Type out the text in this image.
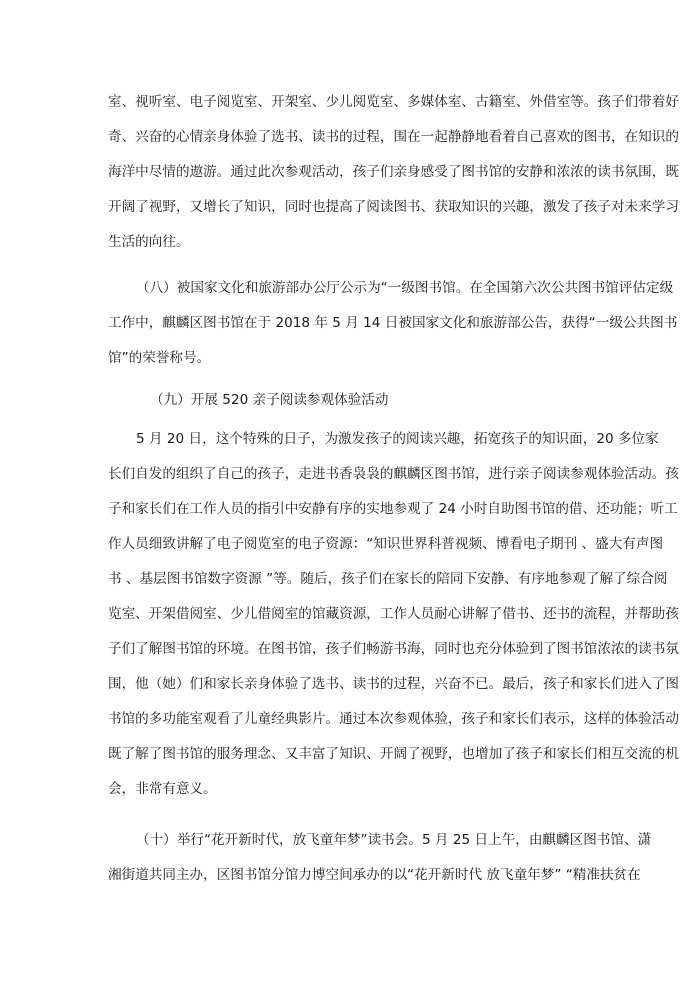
室、视听室、电子阅览室、开架室、少儿阅览室、多媒体室、古籍室、外借室等。孩子们带着好
奇、兴奋的心情亲身体验了选书、读书的过程，围在一起静静地看着自己喜欢的图书，在知识的
海洋中尽情的遨游。通过此次参观活动，孩子们亲身感受了图书馆的安静和浓浓的读书氛围，既
开阔了视野，又增长了知识，同时也提高了阅读图书、获取知识的兴趣，激发了孩子对未来学习
生活的向往。
（八）被国家文化和旅游部办公厅公示为“一级图书馆。在全国第六次公共图书馆评估定级
工作中，麒麟区图书馆在于 2018 年 5 月 14 日被国家文化和旅游部公告，获得“一级公共图书
馆”的荣誉称号。
（九）开展 520 亲子阅读参观体验活动
5 月 20 日，这个特殊的日子，为激发孩子的阅读兴趣，拓宽孩子的知识面，20 多位家
长们自发的组织了自己的孩子，走进书香袅袅的麒麟区图书馆，进行亲子阅读参观体验活动。孩
子和家长们在工作人员的指引中安静有序的实地参观了 24 小时自助图书馆的借、还功能；听工
作人员细致讲解了电子阅览室的电子资源：“知识世界科普视频、博看电子期刊 、盛大有声图
书 、基层图书馆数字资源 ”等。随后，孩子们在家长的陪同下安静、有序地参观了解了综合阅
览室、开架借阅室、少儿借阅室的馆藏资源，工作人员耐心讲解了借书、还书的流程，并帮助孩
子们了解图书馆的环境。在图书馆，孩子们畅游书海，同时也充分体验到了图书馆浓浓的读书氛
围，他（她）们和家长亲身体验了选书、读书的过程，兴奋不已。最后，孩子和家长们进入了图
书馆的多功能室观看了儿童经典影片。通过本次参观体验，孩子和家长们表示，这样的体验活动
既了解了图书馆的服务理念、又丰富了知识、开阔了视野，也增加了孩子和家长们相互交流的机
会，非常有意义。
（十）举行“花开新时代，放飞童年梦”读书会。5 月 25 日上午，由麒麟区图书馆、潇
湘街道共同主办，区图书馆分馆力博空间承办的以“花开新时代 放飞童年梦” “精准扶贫在
